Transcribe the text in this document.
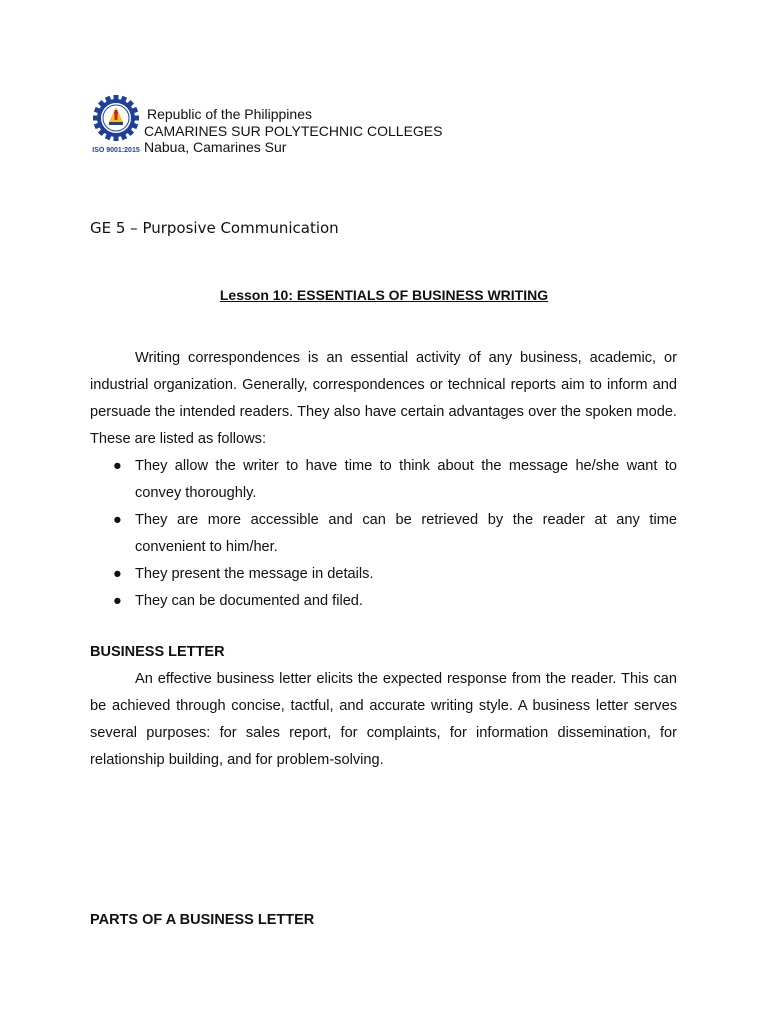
ISO 9001:2015
Republic of the Philippines
CAMARINES SUR POLYTECHNIC COLLEGES
Nabua, Camarines Sur
GE 5 – Purposive Communication
Lesson 10: ESSENTIALS OF BUSINESS WRITING

Writing correspondences is an essential activity of any business, academic, or industrial organization. Generally, correspondences or technical reports aim to inform and persuade the intended readers. They also have certain advantages over the spoken mode. These are listed as follows:

● They allow the writer to have time to think about the message he/she want to convey thoroughly.
● They are more accessible and can be retrieved by the reader at any time convenient to him/her.
● They present the message in details.
● They can be documented and filed.
BUSINESS LETTER

An effective business letter elicits the expected response from the reader. This can be achieved through concise, tactful, and accurate writing style. A business letter serves several purposes: for sales report, for complaints, for information dissemination, for relationship building, and for problem-solving.

PARTS OF A BUSINESS LETTER
